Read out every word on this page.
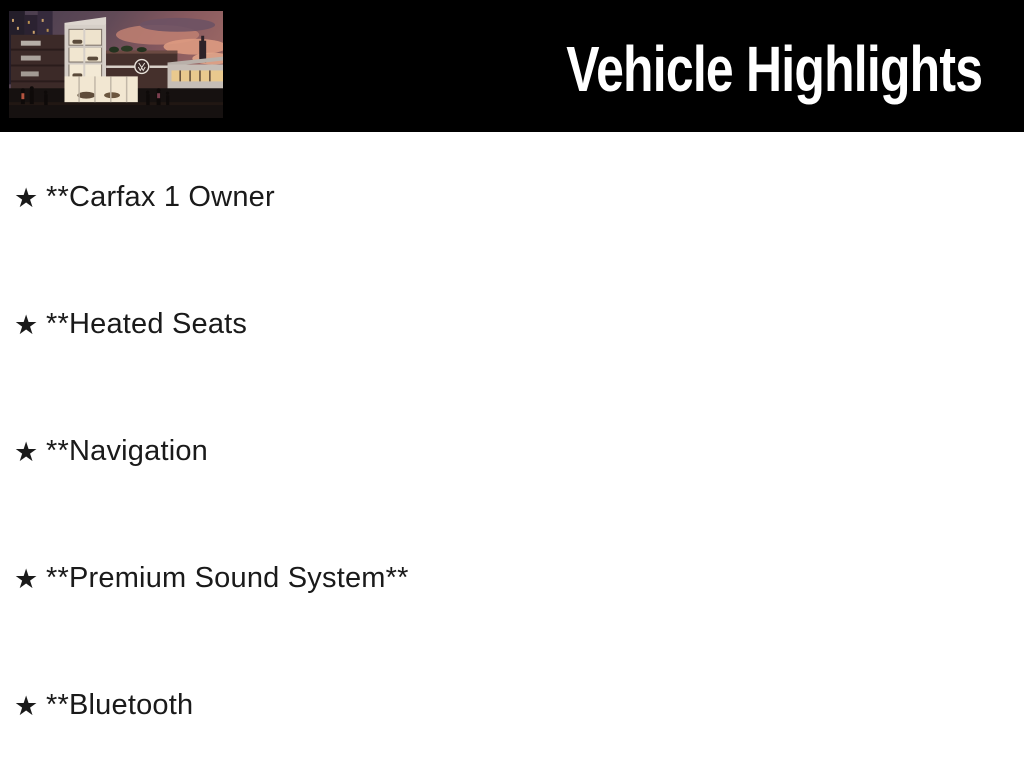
Vehicle Highlights
★ **Carfax 1 Owner
★ **Heated Seats
★ **Navigation
★ **Premium Sound System**
★ **Bluetooth
